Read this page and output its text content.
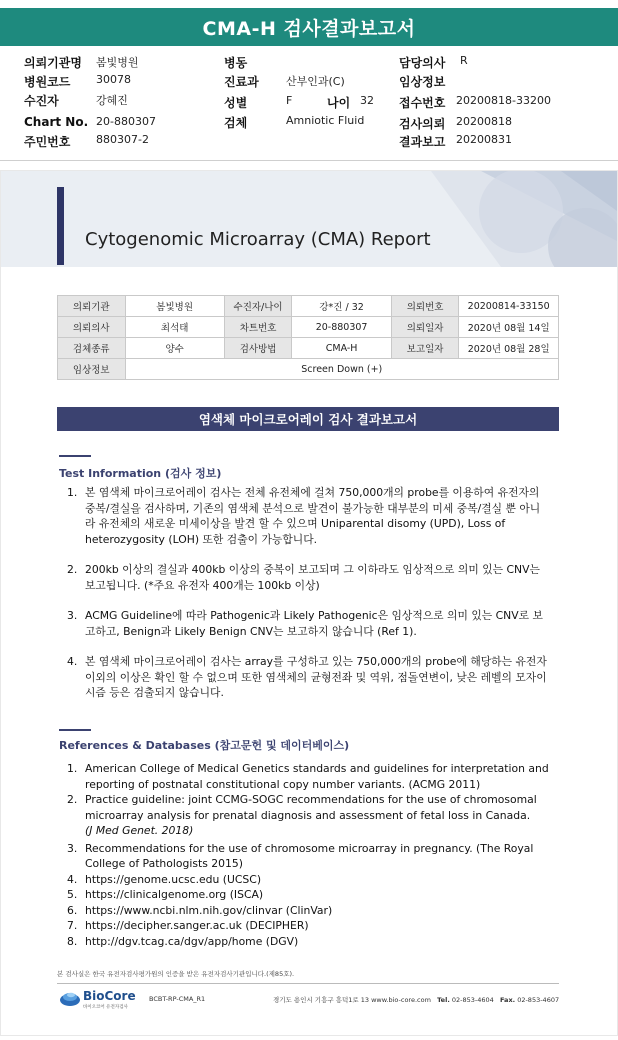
CMA-H 검사결과보고서
의뢰기관명 봄빛병원
병원코드 30078
수진자	강혜진
Chart No. 20-880307
주민번호 880307-2
병동
진료과 산부인과(C)
성별	F	나이 32
검체	Amniotic Fluid
담당의사 R
임상정보
접수번호 20200818-33200
검사의뢰 20200818
결과보고 20200831
Cytogenomic Microarray (CMA) Report
의뢰기관	봄빛병원	수진자/나이	강*진 / 32	의뢰번호	20200814-33150
의뢰의사	최석태	차트번호	20-880307	의뢰일자	2020년 08월 14일
검체종류	양수	검사방법	CMA-H	보고일자	2020년 08월 28일
임상정보	Screen Down (+)				
염색체 마이크로어레이 검사 결과보고서
Test Information (검사 정보)
1. 본 염색체 마이크로어레이 검사는 전체 유전체에 걸쳐 750,000개의 probe를 이용하여 유전자의 중복/결실을 검사하며, 기존의 염색체 분석으로 발견이 불가능한 대부분의 미세 중복/결실 뿐 아니라 유전체의 새로운 미세이상을 발견 할 수 있으며 Uniparental disomy (UPD), Loss of heterozygosity (LOH) 또한 검출이 가능합니다.
2. 200kb 이상의 결실과 400kb 이상의 중복이 보고되며 그 이하라도 임상적으로 의미 있는 CNV는 보고됩니다. (*주요 유전자 400개는 100kb 이상)
3. ACMG Guideline에 따라 Pathogenic과 Likely Pathogenic은 임상적으로 의미 있는 CNV로 보고하고, Benign과 Likely Benign CNV는 보고하지 않습니다 (Ref 1).
4. 본 염색체 마이크로어레이 검사는 array를 구성하고 있는 750,000개의 probe에 해당하는 유전자 이외의 이상은 확인 할 수 없으며 또한 염색체의 균형전좌 및 역위, 점돌연변이, 낮은 레벨의 모자이시즘 등은 검출되지 않습니다.
References & Databases (참고문헌 및 데이터베이스)
1. American College of Medical Genetics standards and guidelines for interpretation and reporting of postnatal constitutional copy number variants. (ACMG 2011)
2. Practice guideline: joint CCMG-SOGC recommendations for the use of chromosomal microarray analysis for prenatal diagnosis and assessment of fetal loss in Canada.
(J Med Genet. 2018)
3. Recommendations for the use of chromosome microarray in pregnancy. (The Royal College of Pathologists 2015)
4. https://genome.ucsc.edu (UCSC)
5. https://clinicalgenome.org (ISCA)
6. https://www.ncbi.nlm.nih.gov/clinvar (ClinVar)
7. https://decipher.sanger.ac.uk (DECIPHER)
8. http://dgv.tcag.ca/dgv/app/home (DGV)
본 검사실은 한국 유전자검사평가원의 인증을 받은 유전자검사기관입니다.(제85호).
BioCore
바이오코어 유전자검사
BCBT-RP-CMA_R1	경기도 용인시 기흥구 흥덕1로 13 www.bio-core.com Tel. 02-853-4604 Fax. 02-853-4607
